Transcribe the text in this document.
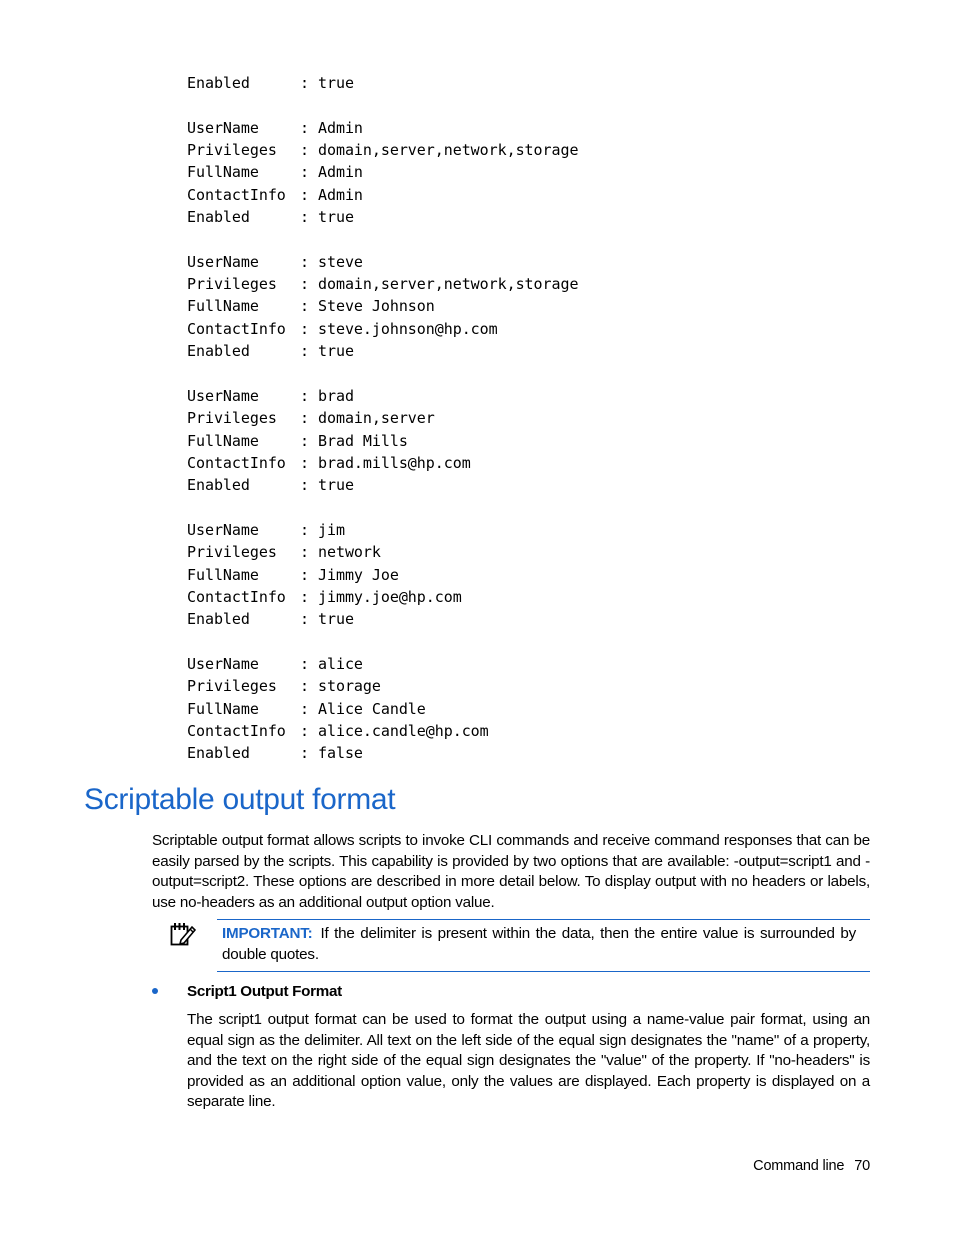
Enabled	: true
UserName	: Admin
Privileges : domain,server,network,storage
FullName	: Admin
ContactInfo : Admin
Enabled	: true
UserName	: steve
Privileges : domain,server,network,storage
FullName	: Steve Johnson
ContactInfo : steve.johnson@hp.com
Enabled	: true
UserName	: brad
Privileges : domain,server
FullName	: Brad Mills
ContactInfo : brad.mills@hp.com
Enabled	: true
UserName	: jim
Privileges : network
FullName	: Jimmy Joe
ContactInfo : jimmy.joe@hp.com
Enabled	: true
UserName	: alice
Privileges : storage
FullName	: Alice Candle
ContactInfo : alice.candle@hp.com
Enabled	: false
Scriptable output format

Scriptable output format allows scripts to invoke CLI commands and receive command responses that can be easily parsed by the scripts. This capability is provided by two options that are available: -output=script1 and -output=script2. These options are described in more detail below. To display output with no headers or labels, use no-headers as an additional output option value.

IMPORTANT: If the delimiter is present within the data, then the entire value is surrounded by double quotes.

Script1 Output Format

The script1 output format can be used to format the output using a name-value pair format, using an equal sign as the delimiter. All text on the left side of the equal sign designates the "name" of a property, and the text on the right side of the equal sign designates the "value" of the property. If "no-headers" is provided as an additional option value, only the values are displayed. Each property is displayed on a separate line.

Command line 70
